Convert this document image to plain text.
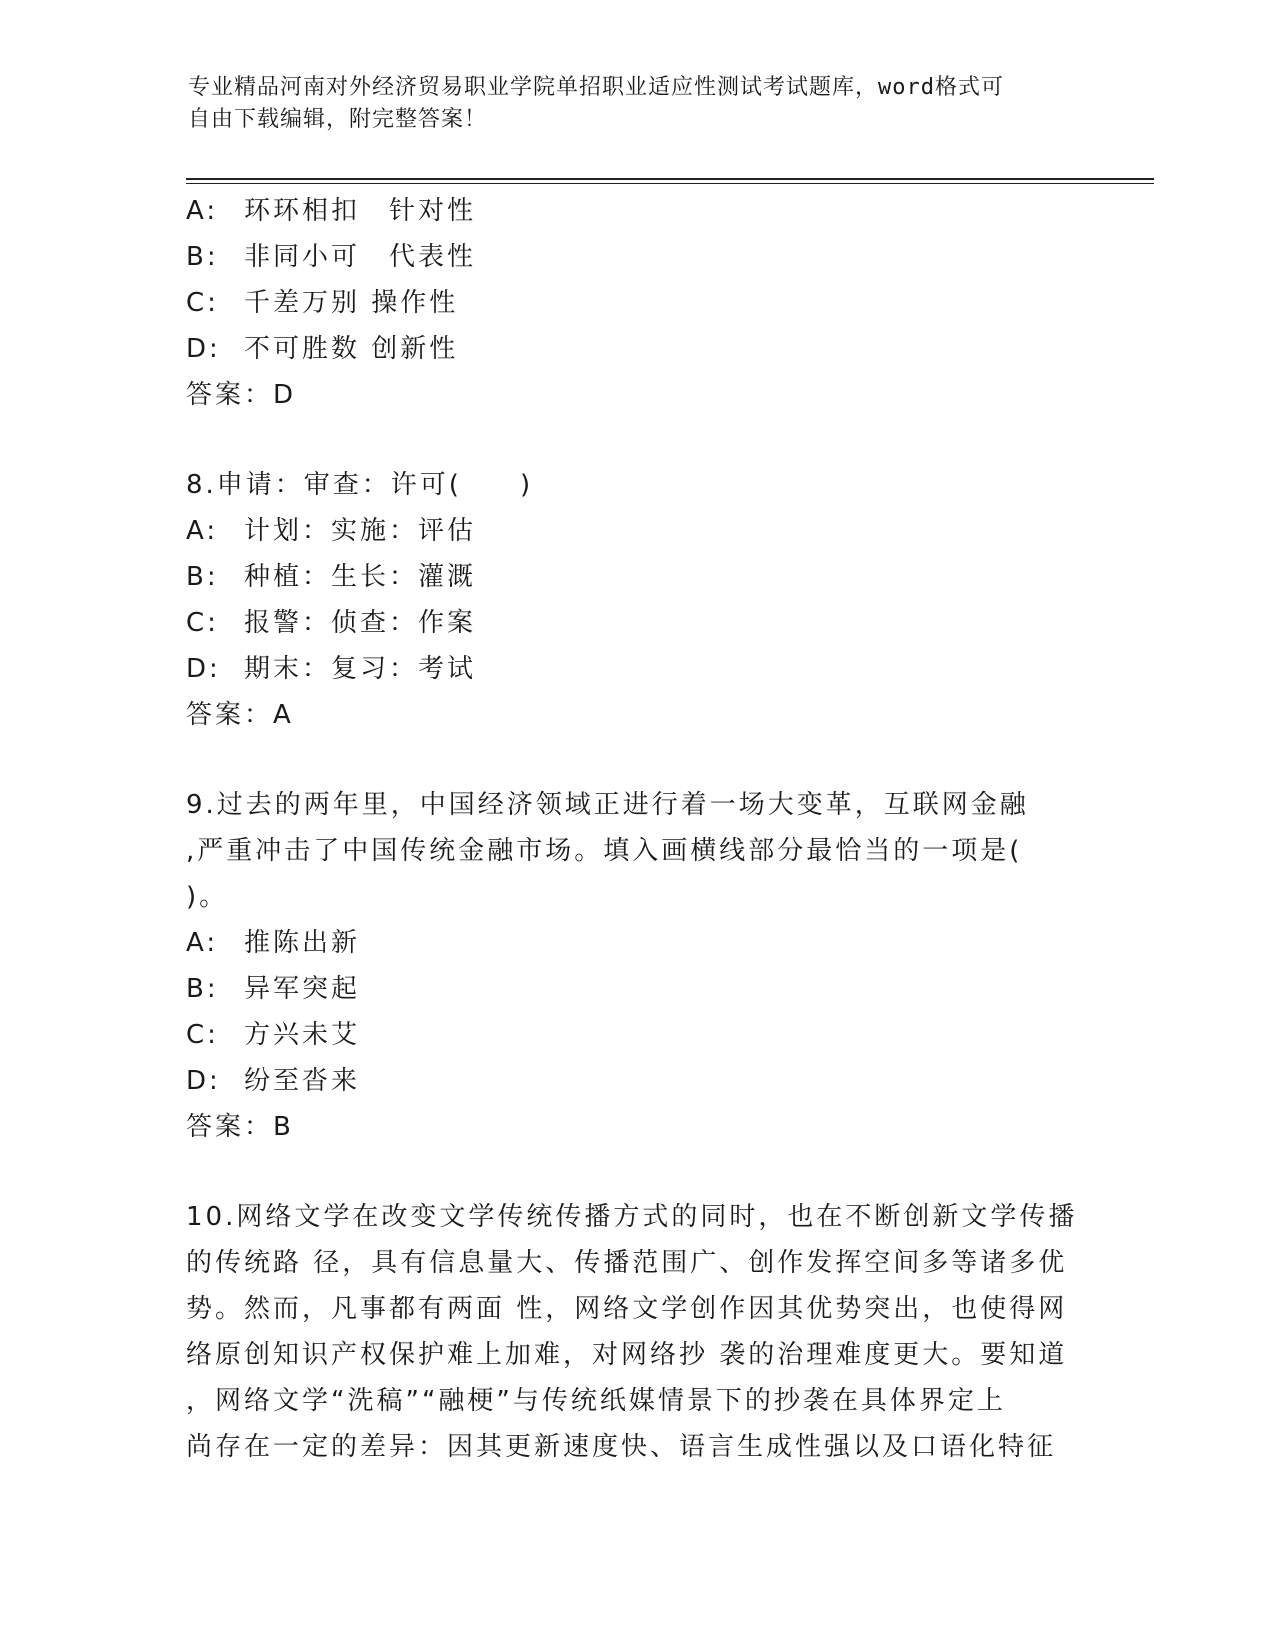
专业精品河南对外经济贸易职业学院单招职业适应性测试考试题库，word格式可
自由下载编辑，附完整答案！
A: 环环相扣　针对性
B: 非同小可　代表性
C: 千差万别 操作性
D: 不可胜数 创新性
答案：D
8.申请：审查：许可(　　)
A: 计划：实施：评估
B: 种植：生长：灌溉
C: 报警：侦查：作案
D: 期末：复习：考试
答案：A
9.过去的两年里，中国经济领域正进行着一场大变革，互联网金融
,严重冲击了中国传统金融市场。填入画横线部分最恰当的一项是(
)。
A: 推陈出新
B: 异军突起
C: 方兴未艾
D: 纷至沓来
答案：B
10.网络文学在改变文学传统传播方式的同时，也在不断创新文学传播
的传统路 径，具有信息量大、传播范围广、创作发挥空间多等诸多优
势。然而，凡事都有两面 性，网络文学创作因其优势突出，也使得网
络原创知识产权保护难上加难，对网络抄 袭的治理难度更大。要知道
，网络文学“洗稿”“融梗”与传统纸媒情景下的抄袭在具体界定上
尚存在一定的差异：因其更新速度快、语言生成性强以及口语化特征
